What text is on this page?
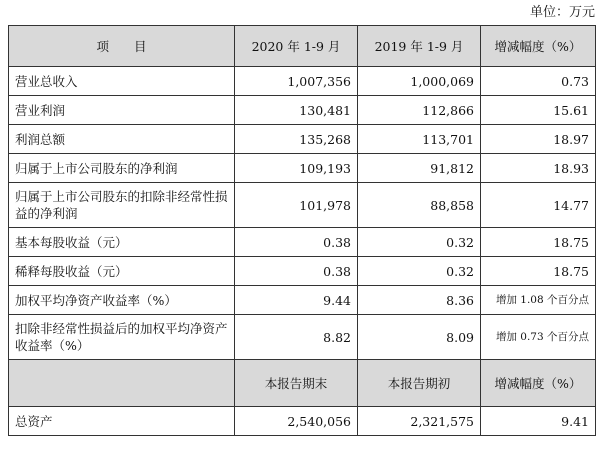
单位：万元
项　　目	2020 年 1-9 月	2019 年 1-9 月	增减幅度（%）
营业总收入	1,007,356	1,000,069	0.73
营业利润	130,481	112,866	15.61
利润总额	135,268	113,701	18.97
归属于上市公司股东的净利润	109,193	91,812	18.93
归属于上市公司股东的扣除非经常性损益的净利润	101,978	88,858	14.77
基本每股收益（元）	0.38	0.32	18.75
稀释每股收益（元）	0.38	0.32	18.75
加权平均净资产收益率（%）	9.44	8.36	增加 1.08 个百分点
扣除非经常性损益后的加权平均净资产收益率（%）	8.82	8.09	增加 0.73 个百分点
	本报告期末	本报告期初	增减幅度（%）
总资产	2,540,056	2,321,575	9.41
